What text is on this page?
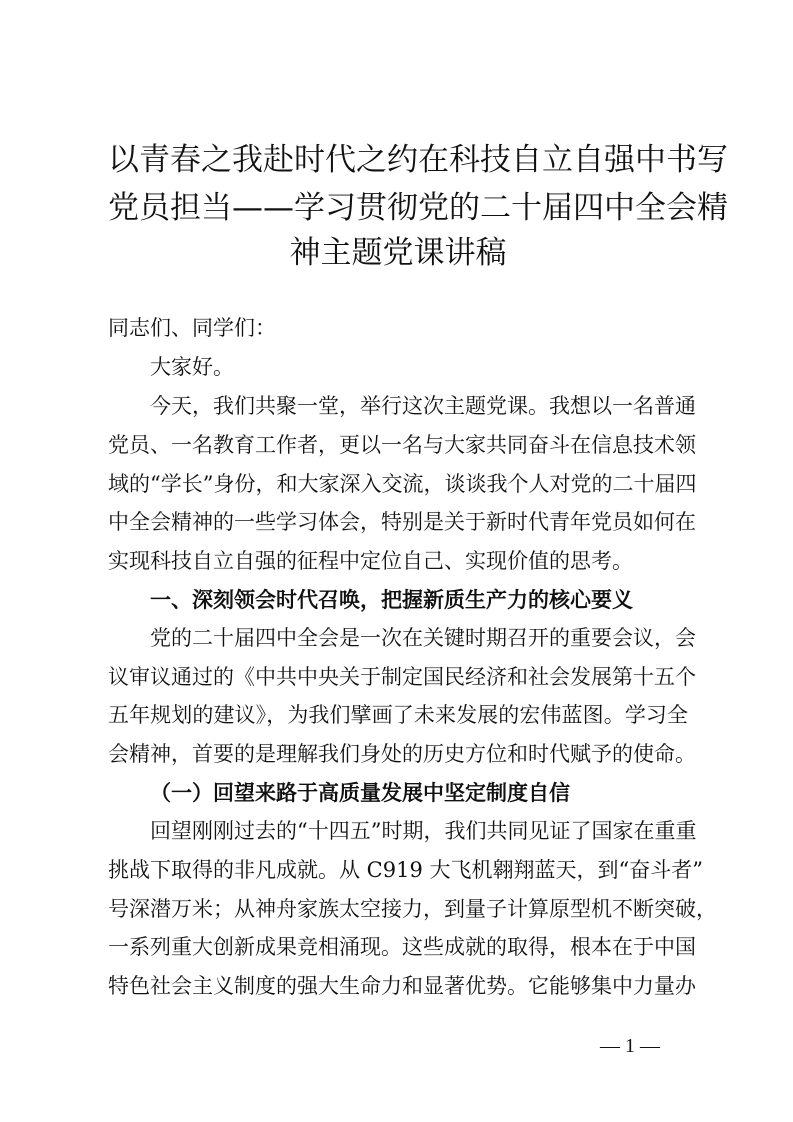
以青春之我赴时代之约在科技自立自强中书写
党员担当——学习贯彻党的二十届四中全会精
神主题党课讲稿
同志们、同学们：
大家好。
今天，我们共聚一堂，举行这次主题党课。我想以一名普通
党员、一名教育工作者，更以一名与大家共同奋斗在信息技术领
域的“学长”身份，和大家深入交流，谈谈我个人对党的二十届四
中全会精神的一些学习体会，特别是关于新时代青年党员如何在
实现科技自立自强的征程中定位自己、实现价值的思考。
一、深刻领会时代召唤，把握新质生产力的核心要义
党的二十届四中全会是一次在关键时期召开的重要会议，会
议审议通过的《中共中央关于制定国民经济和社会发展第十五个
五年规划的建议》，为我们擘画了未来发展的宏伟蓝图。学习全
会精神，首要的是理解我们身处的历史方位和时代赋予的使命。
（一）回望来路于高质量发展中坚定制度自信
回望刚刚过去的“十四五”时期，我们共同见证了国家在重重
挑战下取得的非凡成就。从 C919 大飞机翱翔蓝天，到“奋斗者”
号深潜万米；从神舟家族太空接力，到量子计算原型机不断突破，
一系列重大创新成果竞相涌现。这些成就的取得，根本在于中国
特色社会主义制度的强大生命力和显著优势。它能够集中力量办
— 1 —
